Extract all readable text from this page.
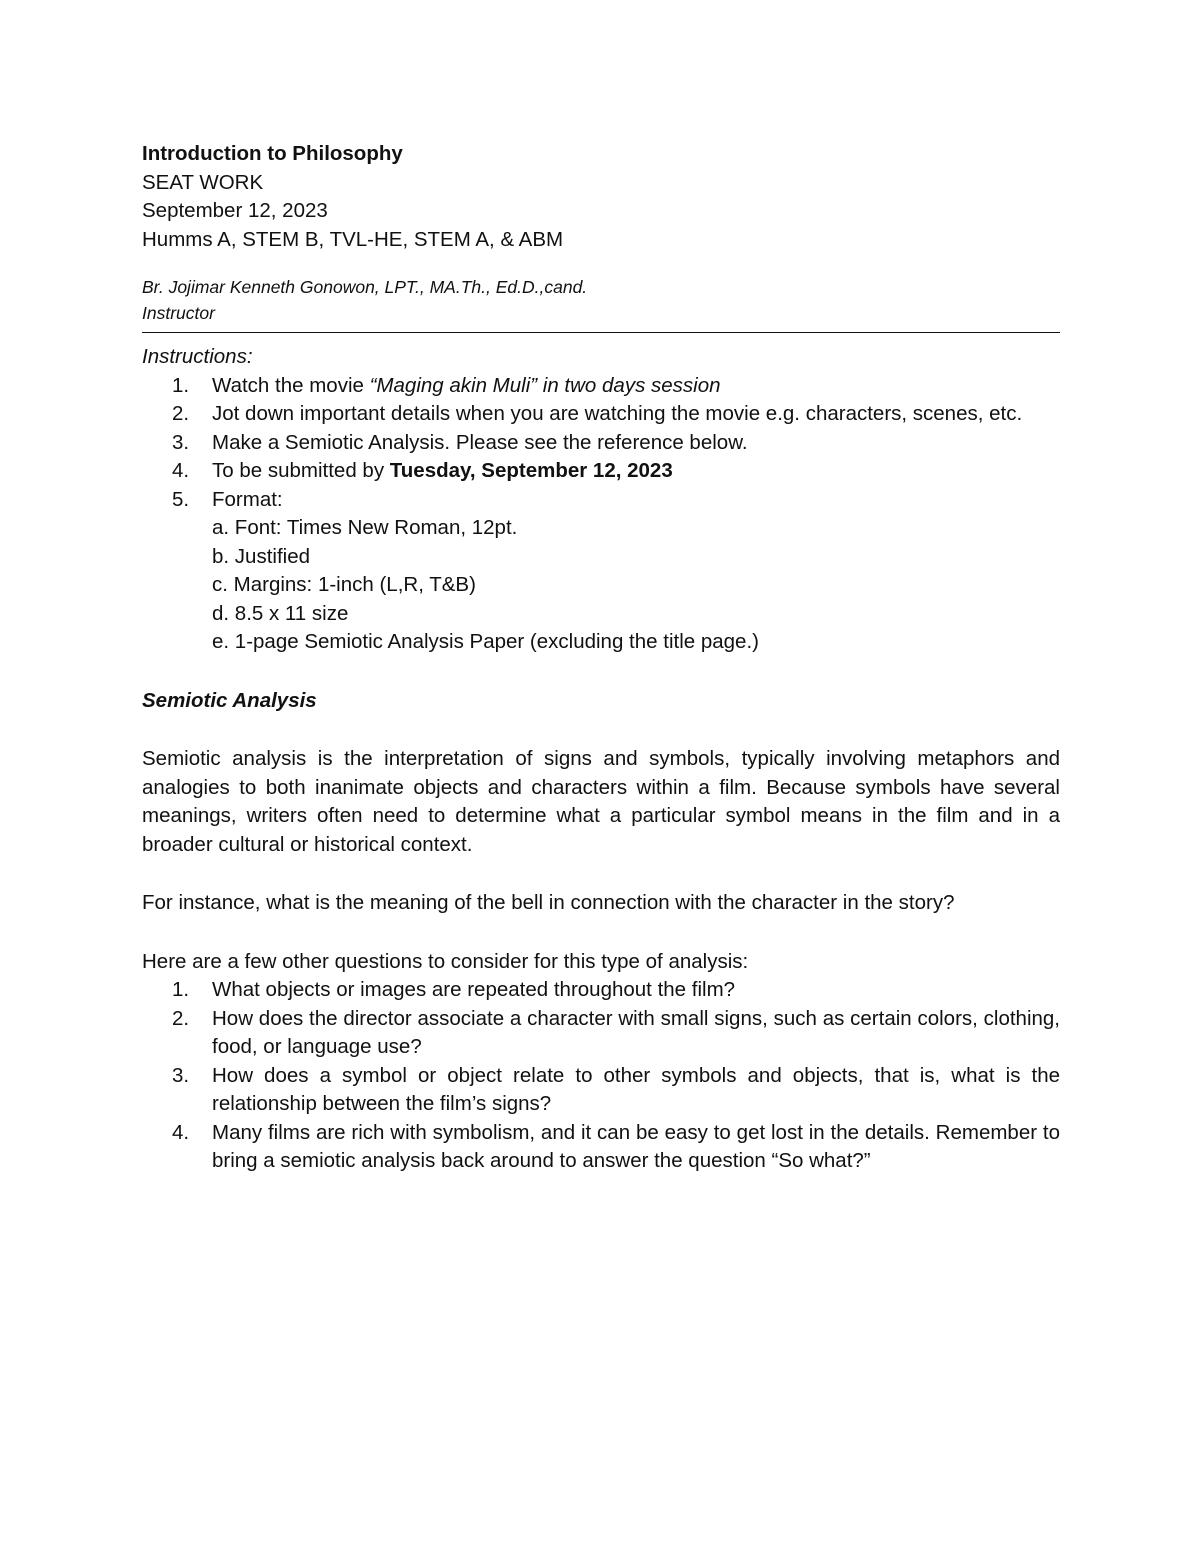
Introduction to Philosophy
SEAT WORK
September 12, 2023
Humms A, STEM B, TVL-HE, STEM A, & ABM
Br. Jojimar Kenneth Gonowon, LPT., MA.Th., Ed.D.,cand.
Instructor
Instructions:
1. Watch the movie “Maging akin Muli” in two days session
2. Jot down important details when you are watching the movie e.g. characters, scenes, etc.
3. Make a Semiotic Analysis. Please see the reference below.
4. To be submitted by Tuesday, September 12, 2023
5. Format:
a. Font: Times New Roman, 12pt.
b. Justified
c. Margins: 1-inch (L,R, T&B)
d. 8.5 x 11 size
e. 1-page Semiotic Analysis Paper (excluding the title page.)
Semiotic Analysis
Semiotic analysis is the interpretation of signs and symbols, typically involving metaphors and analogies to both inanimate objects and characters within a film. Because symbols have several meanings, writers often need to determine what a particular symbol means in the film and in a broader cultural or historical context.
For instance, what is the meaning of the bell in connection with the character in the story?
Here are a few other questions to consider for this type of analysis:
1. What objects or images are repeated throughout the film?
2. How does the director associate a character with small signs, such as certain colors, clothing, food, or language use?
3. How does a symbol or object relate to other symbols and objects, that is, what is the relationship between the film’s signs?
4. Many films are rich with symbolism, and it can be easy to get lost in the details. Remember to bring a semiotic analysis back around to answer the question “So what?”
